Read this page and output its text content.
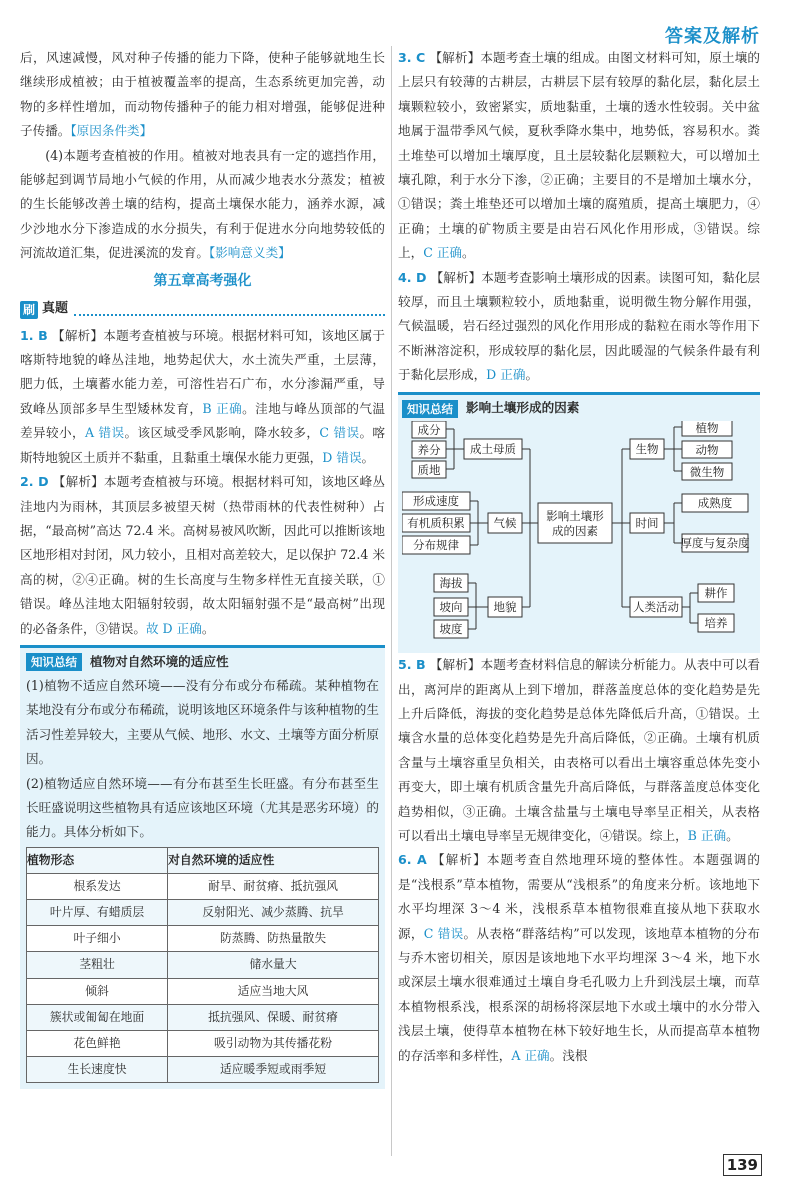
答案及解析

后，风速减慢，风对种子传播的能力下降，使种子能够就地生长继续形成植被；由于植被覆盖率的提高，生态系统更加完善，动物的多样性增加，而动物传播种子的能力相对增强，能够促进种子传播。【原因条件类】

(4)本题考查植被的作用。植被对地表具有一定的遮挡作用，能够起到调节局地小气候的作用，从而减少地表水分蒸发；植被的生长能够改善土壤的结构，提高土壤保水能力，涵养水源，减少沙地水分下渗造成的水分损失，有利于促进水分向地势较低的河流故道汇集，促进溪流的发育。【影响意义类】

第五章高考强化
刷 真题

1. B 【解析】本题考查植被与环境。根据材料可知，该地区属于喀斯特地貌的峰丛洼地，地势起伏大，水土流失严重，土层薄，肥力低，土壤蓄水能力差，可溶性岩石广布，水分渗漏严重，导致峰丛顶部多旱生型矮林发育，B 正确。洼地与峰丛顶部的气温差异较小，A 错误。该区域受季风影响，降水较多，C 错误。喀斯特地貌区土质并不黏重，且黏重土壤保水能力更强，D 错误。

2. D 【解析】本题考查植被与环境。根据材料可知，该地区峰丛洼地内为雨林，其顶层多被望天树（热带雨林的代表性树种）占据，“最高树”高达 72.4 米。高树易被风吹断，因此可以推断该地区地形相对封闭，风力较小，且相对高差较大，足以保护 72.4 米高的树，②④正确。树的生长高度与生物多样性无直接关联，①错误。峰丛洼地太阳辐射较弱，故太阳辐射强不是“最高树”出现的必备条件，③错误。故 D 正确。

知识总结	植物对自然环境的适应性

(1)植物不适应自然环境——没有分布或分布稀疏。某种植物在某地没有分布或分布稀疏，说明该地区环境条件与该种植物的生活习性差异较大，主要从气候、地形、水文、土壤等方面分析原因。

(2)植物适应自然环境——有分布甚至生长旺盛。有分布甚至生长旺盛说明这些植物具有适应该地区环境（尤其是恶劣环境）的能力。具体分析如下。

植物形态	对自然环境的适应性
根系发达	耐旱、耐贫瘠、抵抗强风
叶片厚、有蜡质层	反射阳光、减少蒸腾、抗旱
叶子细小	防蒸腾、防热量散失
茎粗壮	储水量大
倾斜	适应当地大风
簇状或匍匐在地面	抵抗强风、保暖、耐贫瘠
花色鲜艳	吸引动物为其传播花粉
生长速度快	适应暖季短或雨季短

3. C 【解析】本题考查土壤的组成。由图文材料可知，原土壤的上层只有较薄的古耕层，古耕层下层有较厚的黏化层，黏化层土壤颗粒较小，致密紧实，质地黏重，土壤的透水性较弱。关中盆地属于温带季风气候，夏秋季降水集中，地势低，容易积水。粪土堆垫可以增加土壤厚度，且土层较黏化层颗粒大，可以增加土壤孔隙，利于水分下渗，②正确；主要目的不是增加土壤水分，①错误；粪土堆垫还可以增加土壤的腐殖质，提高土壤肥力，④正确；土壤的矿物质主要是由岩石风化作用形成，③错误。综上，C 正确。

4. D 【解析】本题考查影响土壤形成的因素。读图可知，黏化层较厚，而且土壤颗粒较小，质地黏重，说明微生物分解作用强，气候温暖，岩石经过强烈的风化作用形成的黏粒在雨水等作用下不断淋溶淀积，形成较厚的黏化层，因此暖湿的气候条件最有利于黏化层形成，D 正确。

知识总结	影响土壤形成的因素
影响土壤形
成的因素
成土母质
成分
养分
质地
气候
形成速度
有机质积累
分布规律
地貌
海拔
坡向
坡度
生物
植物
动物
微生物
时间
成熟度
厚度与复杂度
人类活动
耕作
培养

5. B 【解析】本题考查材料信息的解读分析能力。从表中可以看出，离河岸的距离从上到下增加，群落盖度总体的变化趋势是先上升后降低，海拔的变化趋势是总体先降低后升高，①错误。土壤含水量的总体变化趋势是先升高后降低，②正确。土壤有机质含量与土壤容重呈负相关，由表格可以看出土壤容重总体先变小再变大，即土壤有机质含量先升高后降低，与群落盖度总体变化趋势相似，③正确。土壤含盐量与土壤电导率呈正相关，从表格可以看出土壤电导率呈无规律变化，④错误。综上，B 正确。

6. A 【解析】本题考查自然地理环境的整体性。本题强调的是“浅根系”草本植物，需要从“浅根系”的角度来分析。该地地下水平均埋深 3～4 米，浅根系草本植物很难直接从地下获取水源，C 错误。从表格“群落结构”可以发现，该地草本植物的分布与乔木密切相关，原因是该地地下水平均埋深 3～4 米，地下水或深层土壤水很难通过土壤自身毛孔吸力上升到浅层土壤，而草本植物根系浅，根系深的胡杨将深层地下水或土壤中的水分带入浅层土壤，使得草本植物在林下较好地生长，从而提高草本植物的存活率和多样性，A 正确。浅根

139
